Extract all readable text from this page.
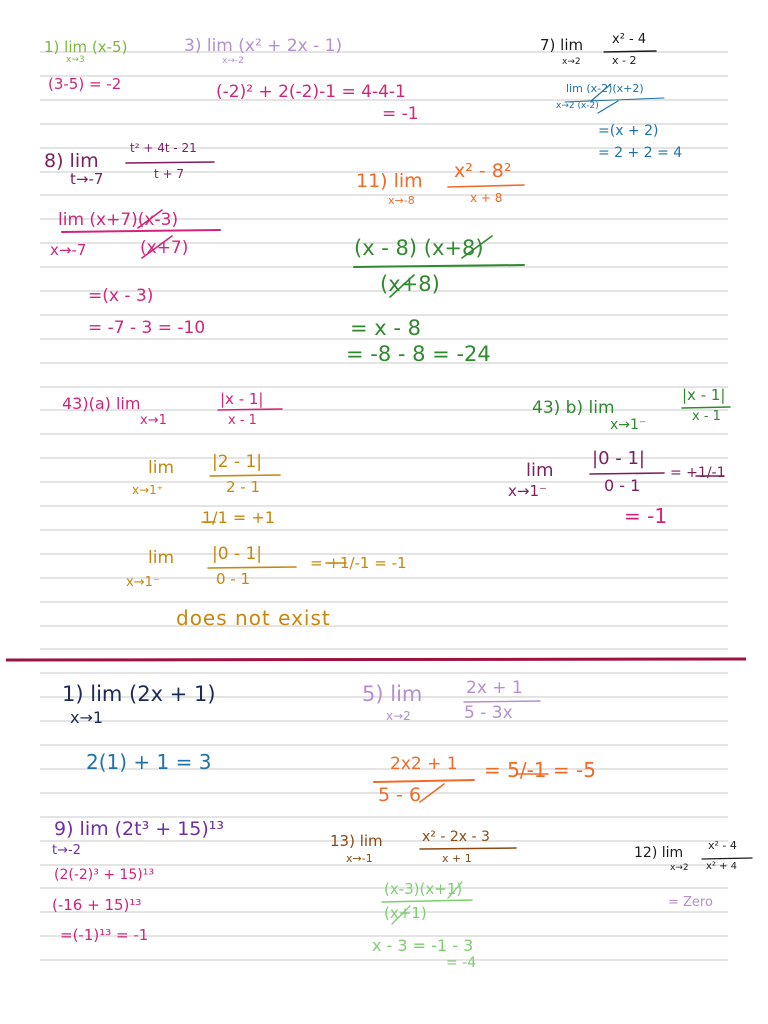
1) lim (x-5)
x→3
(3-5) = -2
3) lim (x² + 2x - 1)
x→-2
(-2)² + 2(-2)-1 = 4-4-1
= -1
7) lim
x→2
x² - 4
x - 2
lim (x-2)(x+2)
x→2 (x-2)
=(x + 2)
= 2 + 2 = 4
8) lim
t→-7
t² + 4t - 21
t + 7
lim (x+7)(x-3)
x→-7	(x+7)
=(x - 3)
= -7 - 3 = -10
11) lim
x→-8
x² - 8²
x + 8
(x - 8) (x+8)
(x+8)
= x - 8
= -8 - 8 = -24
43)(a) lim
x→1
|x - 1|
x - 1
lim
x→1⁺
|2 - 1|
2 - 1
1/1 = +1
lim
x→1⁻
|0 - 1|
0 - 1
= +1/-1 = -1
does not exist
43) b) lim
x→1⁻
|x - 1|
x - 1
lim
x→1⁻
|0 - 1|
0 - 1
= +1/-1
= -1
1) lim (2x + 1)
x→1
2(1) + 1 = 3
5) lim
x→2
2x + 1
5 - 3x
2x2 + 1
5 - 6
= 5/-1 = -5
9) lim (2t³ + 15)¹³
t→-2
(2(-2)³ + 15)¹³
(-16 + 15)¹³
=(-1)¹³ = -1
13) lim
x→-1
x² - 2x - 3
x + 1
(x-3)(x+1)
(x+1)
x - 3 = -1 - 3
= -4
12) lim
x→2
x² - 4
x² + 4
= Zero
